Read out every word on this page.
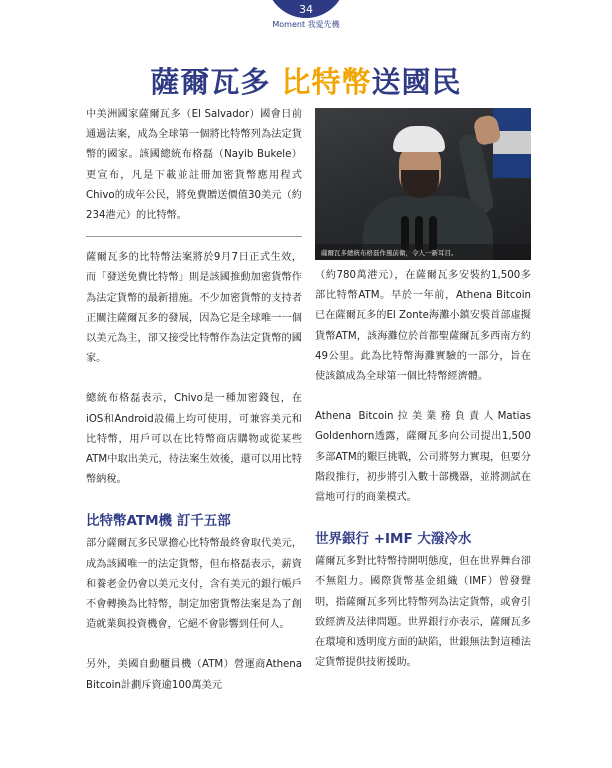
34
Moment 我愛先機
薩爾瓦多 比特幣送國民

中美洲國家薩爾瓦多（El Salvador）國會日前通過法案，成為全球第一個將比特幣列為法定貨幣的國家。該國總統布格磊（Nayib Bukele）更宣布，凡是下載並註冊加密貨幣應用程式Chivo的成年公民，將免費贈送價值30美元（約234港元）的比特幣。

薩爾瓦多的比特幣法案將於9月7日正式生效，而「發送免費比特幣」則是該國推動加密貨幣作為法定貨幣的最新措施。不少加密貨幣的支持者正關注薩爾瓦多的發展，因為它是全球唯一一個以美元為主，卻又接受比特幣作為法定貨幣的國家。

總統布格磊表示，Chivo是一種加密錢包，在iOS和Android設備上均可使用，可兼容美元和比特幣，用戶可以在比特幣商店購物或從某些ATM中取出美元，待法案生效後，還可以用比特幣納稅。

比特幣ATM機 訂千五部

部分薩爾瓦多民眾擔心比特幣最終會取代美元，成為該國唯一的法定貨幣，但布格磊表示，薪資和養老金仍會以美元支付，含有美元的銀行帳戶不會轉換為比特幣，制定加密貨幣法案是為了創造就業與投資機會，它絕不會影響到任何人。

另外，美國自動櫃員機（ATM）營運商Athena Bitcoin計劃斥資逾100萬美元

薩爾瓦多總統布格磊作風前衛，令人一新耳目。

（約780萬港元），在薩爾瓦多安裝約1,500多部比特幣ATM。早於一年前，Athena Bitcoin已在薩爾瓦多的El Zonte海灘小鎮安裝首部虛擬貨幣ATM，該海灘位於首都聖薩爾瓦多西南方約49公里。此為比特幣海灘實驗的一部分，旨在使該鎮成為全球第一個比特幣經濟體。

Athena Bitcoin拉美業務負責人Matias Goldenhorn透露，薩爾瓦多向公司提出1,500多部ATM的艱巨挑戰，公司將努力實現，但要分階段推行，初步將引入數十部機器，並將測試在當地可行的商業模式。

世界銀行 +IMF 大潑冷水

薩爾瓦多對比特幣持開明態度，但在世界舞台卻不無阻力。國際貨幣基金組織（IMF）曾發聲明，指薩爾瓦多列比特幣列為法定貨幣，或會引致經濟及法律問題。世界銀行亦表示，薩爾瓦多在環境和透明度方面的缺陷，世銀無法對這種法定貨幣提供技術援助。
